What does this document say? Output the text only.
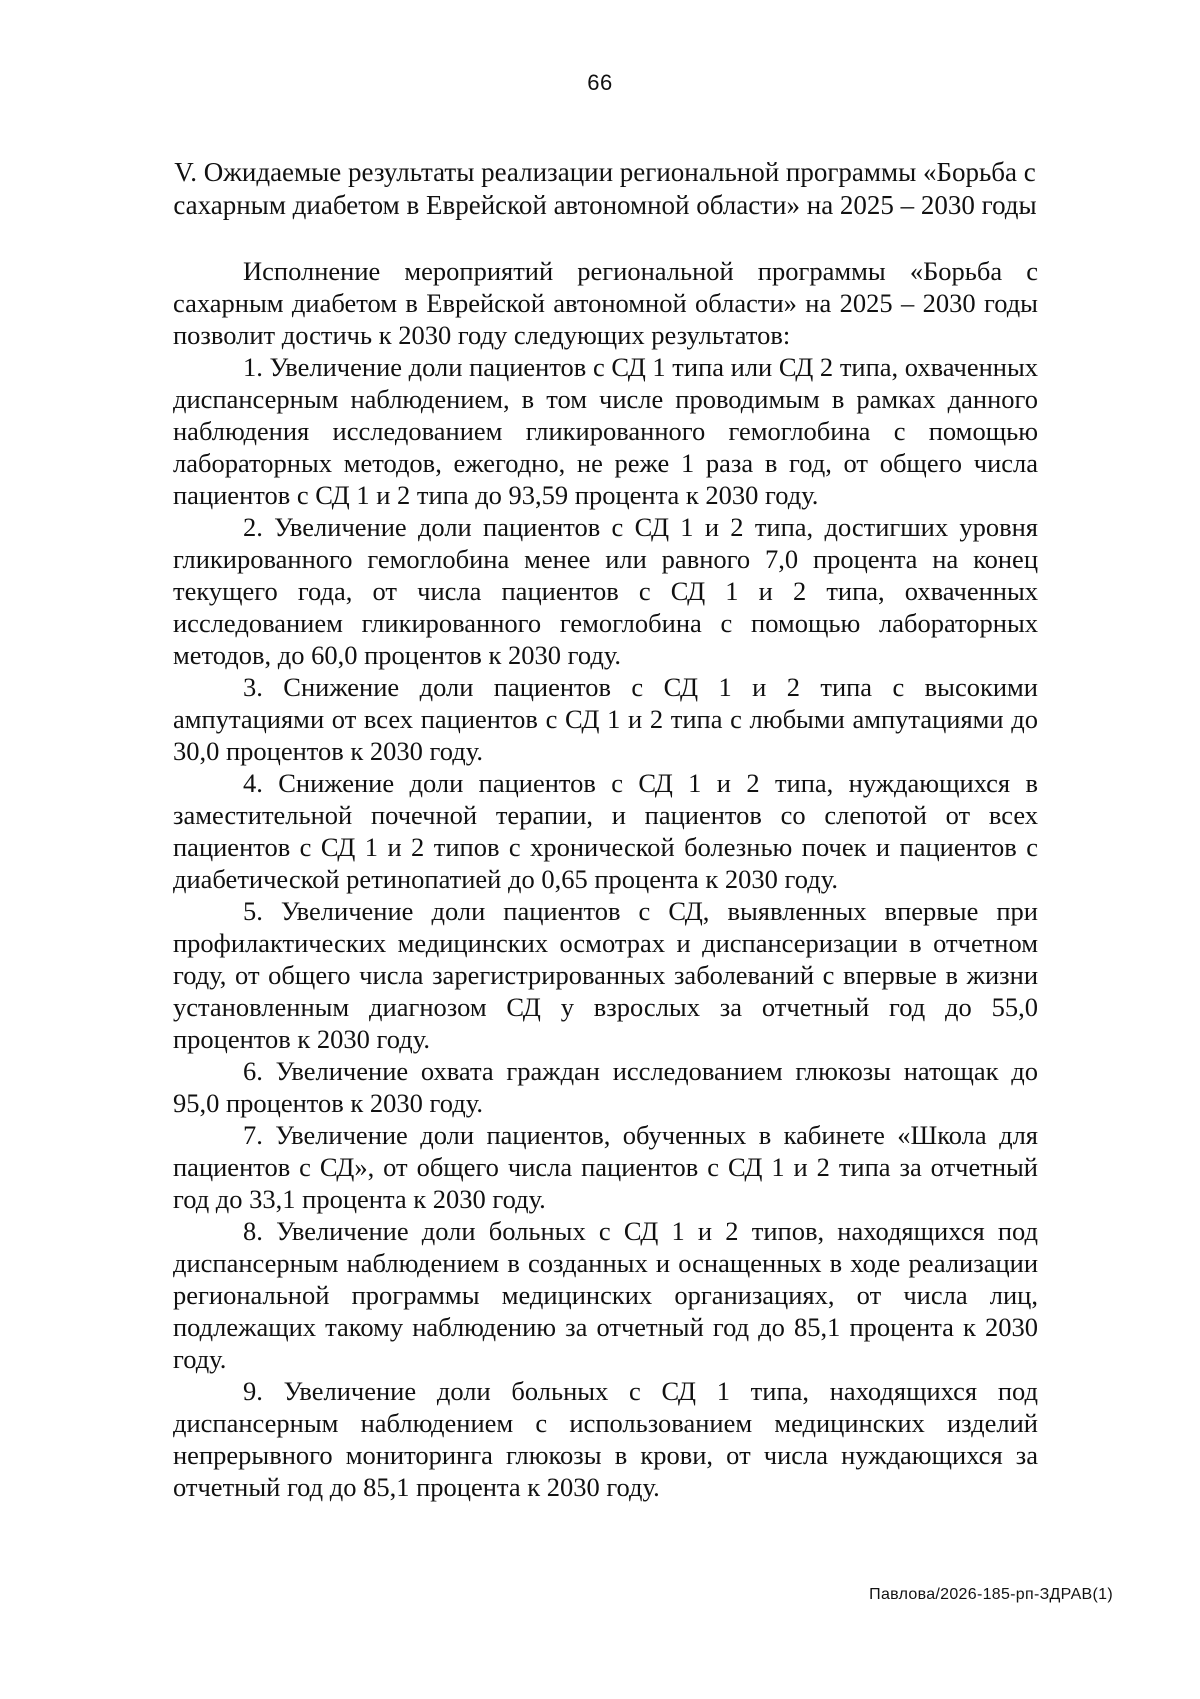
66
V. Ожидаемые результаты реализации региональной программы «Борьба с сахарным диабетом в Еврейской автономной области» на 2025 – 2030 годы

Исполнение мероприятий региональной программы «Борьба с сахарным диабетом в Еврейской автономной области» на 2025 – 2030 годы позволит достичь к 2030 году следующих результатов:

1. Увеличение доли пациентов с СД 1 типа или СД 2 типа, охваченных диспансерным наблюдением, в том числе проводимым в рамках данного наблюдения исследованием гликированного гемоглобина с помощью лабораторных методов, ежегодно, не реже 1 раза в год, от общего числа пациентов с СД 1 и 2 типа до 93,59 процента к 2030 году.

2. Увеличение доли пациентов с СД 1 и 2 типа, достигших уровня гликированного гемоглобина менее или равного 7,0 процента на конец текущего года, от числа пациентов с СД 1 и 2 типа, охваченных исследованием гликированного гемоглобина с помощью лабораторных методов, до 60,0 процентов к 2030 году.

3. Снижение доли пациентов с СД 1 и 2 типа с высокими ампутациями от всех пациентов с СД 1 и 2 типа с любыми ампутациями до 30,0 процентов к 2030 году.

4. Снижение доли пациентов с СД 1 и 2 типа, нуждающихся в заместительной почечной терапии, и пациентов со слепотой от всех пациентов с СД 1 и 2 типов с хронической болезнью почек и пациентов с диабетической ретинопатией до 0,65 процента к 2030 году.

5. Увеличение доли пациентов с СД, выявленных впервые при профилактических медицинских осмотрах и диспансеризации в отчетном году, от общего числа зарегистрированных заболеваний с впервые в жизни установленным диагнозом СД у взрослых за отчетный год до 55,0 процентов к 2030 году.

6. Увеличение охвата граждан исследованием глюкозы натощак до 95,0 процентов к 2030 году.

7. Увеличение доли пациентов, обученных в кабинете «Школа для пациентов с СД», от общего числа пациентов с СД 1 и 2 типа за отчетный год до 33,1 процента к 2030 году.

8. Увеличение доли больных с СД 1 и 2 типов, находящихся под диспансерным наблюдением в созданных и оснащенных в ходе реализации региональной программы медицинских организациях, от числа лиц, подлежащих такому наблюдению за отчетный год до 85,1 процента к 2030 году.

9. Увеличение доли больных с СД 1 типа, находящихся под диспансерным наблюдением с использованием медицинских изделий непрерывного мониторинга глюкозы в крови, от числа нуждающихся за отчетный год до 85,1 процента к 2030 году.

Павлова/2026-185-рп-ЗДРАВ(1)
